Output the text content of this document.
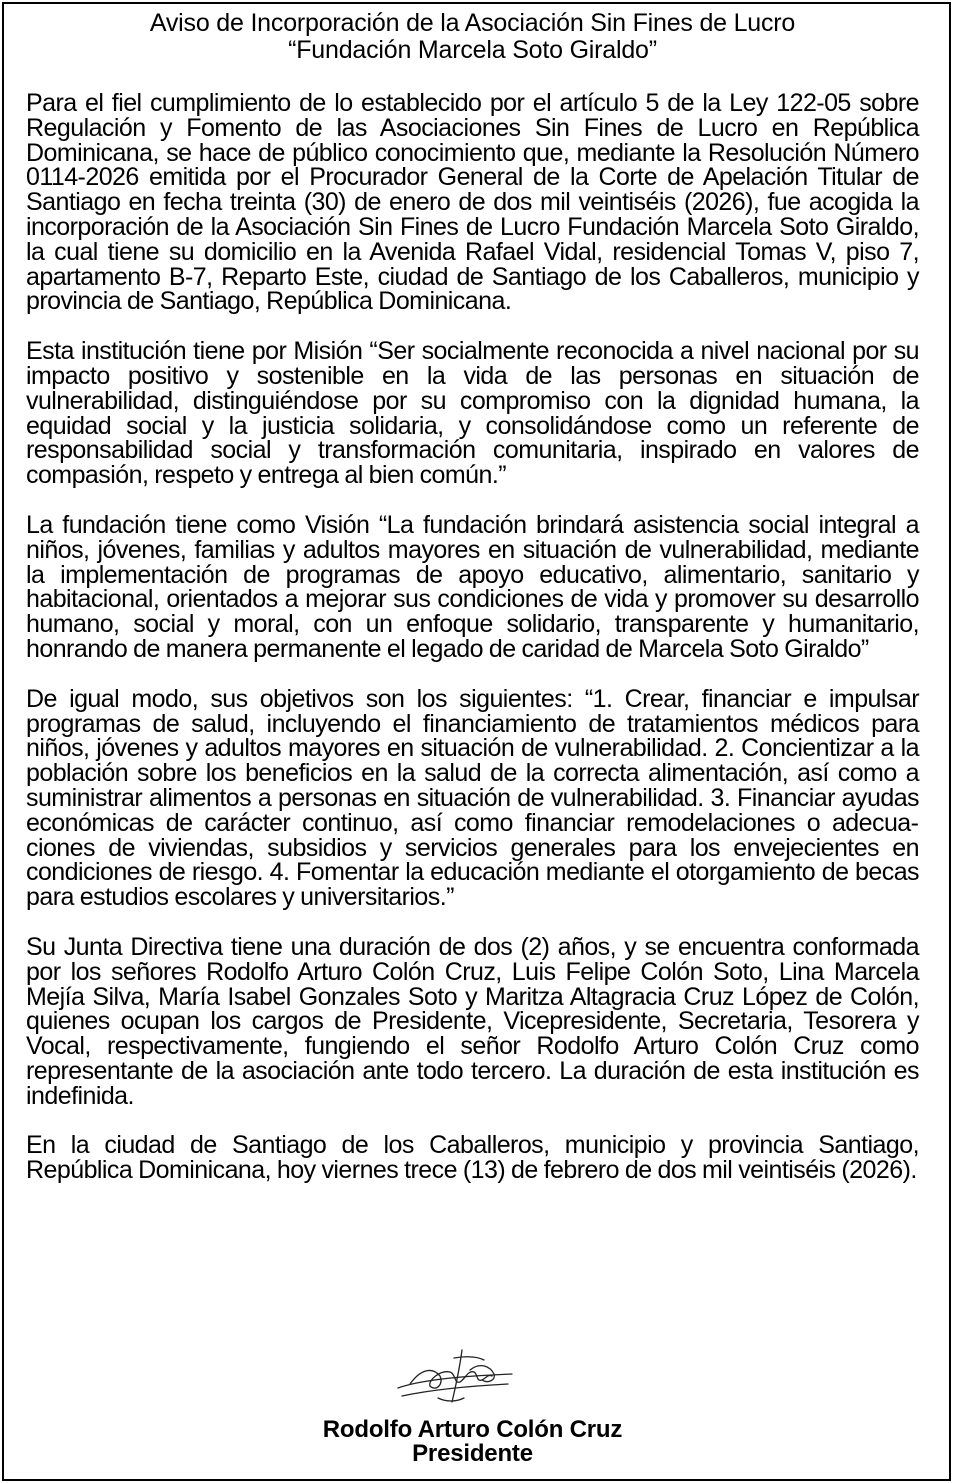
Aviso de Incorporación de la Asociación Sin Fines de Lucro
“Fundación Marcela Soto Giraldo”

Para el fiel cumplimiento de lo establecido por el artículo 5 de la Ley 122-05 sobre Regulación y Fomento de las Asociaciones Sin Fines de Lucro en República Dominicana, se hace de público conocimiento que, mediante la Resolución Número 0114-2026 emitida por el Procurador General de la Corte de Apelación Titular de Santiago en fecha treinta (30) de enero de dos mil veintiséis (2026), fue acogida la incorporación de la Asociación Sin Fines de Lucro Fundación Marcela Soto Giraldo, la cual tiene su domicilio en la Avenida Rafael Vidal, residencial Tomas V, piso 7, apartamento B-7, Reparto Este, ciudad de Santiago de los Caballeros, municipio y provincia de Santiago, República Dominicana.

Esta institución tiene por Misión “Ser socialmente reconocida a nivel nacional por su impacto positivo y sostenible en la vida de las personas en situación de vulnerabilidad, distinguiéndose por su compromiso con la dignidad humana, la equidad social y la justicia solidaria, y consolidándose como un referente de responsabilidad social y transformación comunitaria, inspirado en valores de compasión, respeto y entrega al bien común.”

La fundación tiene como Visión “La fundación brindará asistencia social integral a niños, jóvenes, familias y adultos mayores en situación de vulnerabilidad, mediante la implementación de programas de apoyo educativo, alimentario, sanitario y habitacional, orientados a mejorar sus condiciones de vida y promover su desarrollo humano, social y moral, con un enfoque solidario, transparente y humanitario, honrando de manera permanente el legado de caridad de Marcela Soto Giraldo”

De igual modo, sus objetivos son los siguientes: “1. Crear, financiar e impulsar programas de salud, incluyendo el financiamiento de tratamientos médicos para niños, jóvenes y adultos mayores en situación de vulnerabilidad. 2. Concientizar a la población sobre los beneficios en la salud de la correcta alimentación, así como a suministrar alimentos a personas en situación de vulnerabilidad. 3. Financiar ayudas económicas de carácter continuo, así como financiar remodelaciones o adecuaciones de viviendas, subsidios y servicios generales para los envejecientes en condiciones de riesgo. 4. Fomentar la educación mediante el otorgamiento de becas para estudios escolares y universitarios.”

Su Junta Directiva tiene una duración de dos (2) años, y se encuentra conformada por los señores Rodolfo Arturo Colón Cruz, Luis Felipe Colón Soto, Lina Marcela Mejía Silva, María Isabel Gonzales Soto y Maritza Altagracia Cruz López de Colón, quienes ocupan los cargos de Presidente, Vicepresidente, Secretaria, Tesorera y Vocal, respectivamente, fungiendo el señor Rodolfo Arturo Colón Cruz como representante de la asociación ante todo tercero. La duración de esta institución es indefinida.

En la ciudad de Santiago de los Caballeros, municipio y provincia Santiago, República Dominicana, hoy viernes trece (13) de febrero de dos mil veintiséis (2026).

Rodolfo Arturo Colón Cruz
Presidente
